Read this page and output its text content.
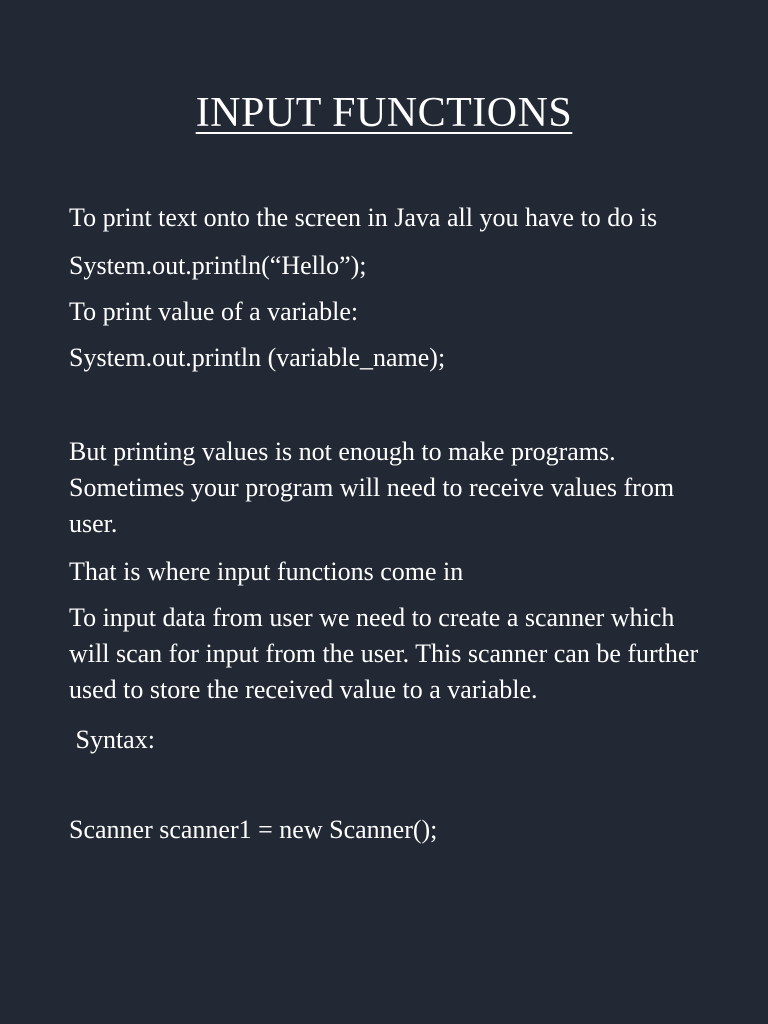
INPUT FUNCTIONS

To print text onto the screen in Java all you have to do is

System.out.println(“Hello”);

To print value of a variable:

System.out.println (variable_name);

But printing values is not enough to make programs. Sometimes your program will need to receive values from user.

That is where input functions come in

To input data from user we need to create a scanner which will scan for input from the user. This scanner can be further used to store the received value to a variable.

Syntax:

Scanner scanner1 = new Scanner();
